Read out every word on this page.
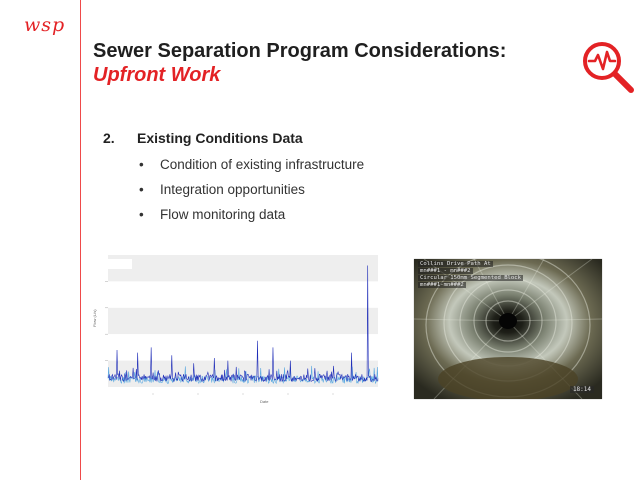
wsp
Sewer Separation Program Considerations:
Upfront Work
2. Existing Conditions Data
• Condition of existing infrastructure
• Integration opportunities
• Flow monitoring data
Flow (L/s)
Date
Collins Drive Path At
mn###1 - mn###2
Circular 150mm Segmented Block
mn###1-mn###2
18:14
